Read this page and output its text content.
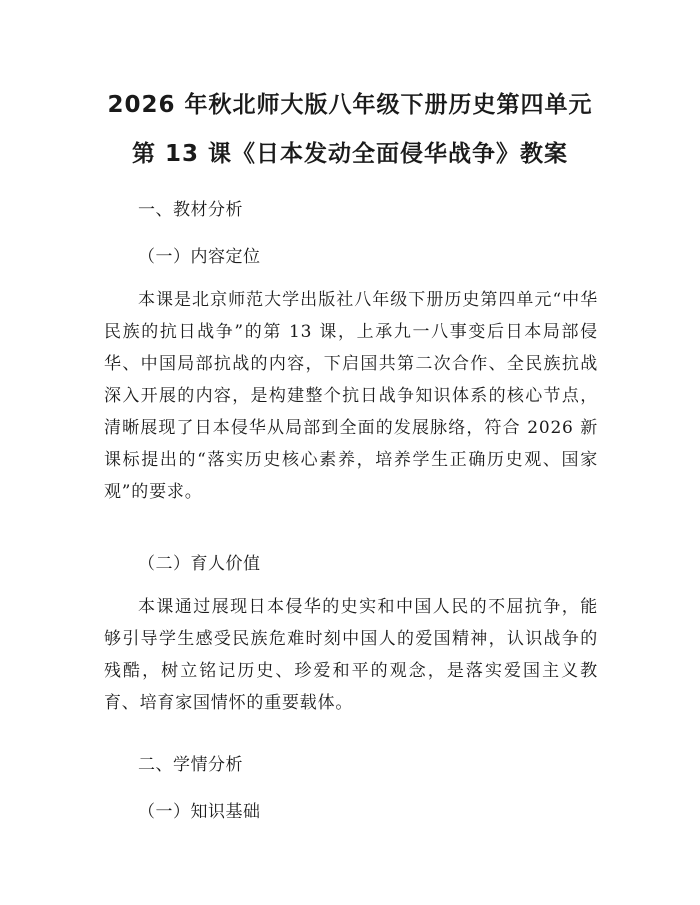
2026 年秋北师大版八年级下册历史第四单元
第 13 课《日本发动全面侵华战争》教案
一、教材分析
（一）内容定位
本课是北京师范大学出版社八年级下册历史第四单元“中华民族的抗日战争”的第 13 课，上承九一八事变后日本局部侵华、中国局部抗战的内容，下启国共第二次合作、全民族抗战深入开展的内容，是构建整个抗日战争知识体系的核心节点，清晰展现了日本侵华从局部到全面的发展脉络，符合 2026 新课标提出的“落实历史核心素养，培养学生正确历史观、国家观”的要求。
（二）育人价值
本课通过展现日本侵华的史实和中国人民的不屈抗争，能够引导学生感受民族危难时刻中国人的爱国精神，认识战争的残酷，树立铭记历史、珍爱和平的观念，是落实爱国主义教育、培育家国情怀的重要载体。
二、学情分析
（一）知识基础
